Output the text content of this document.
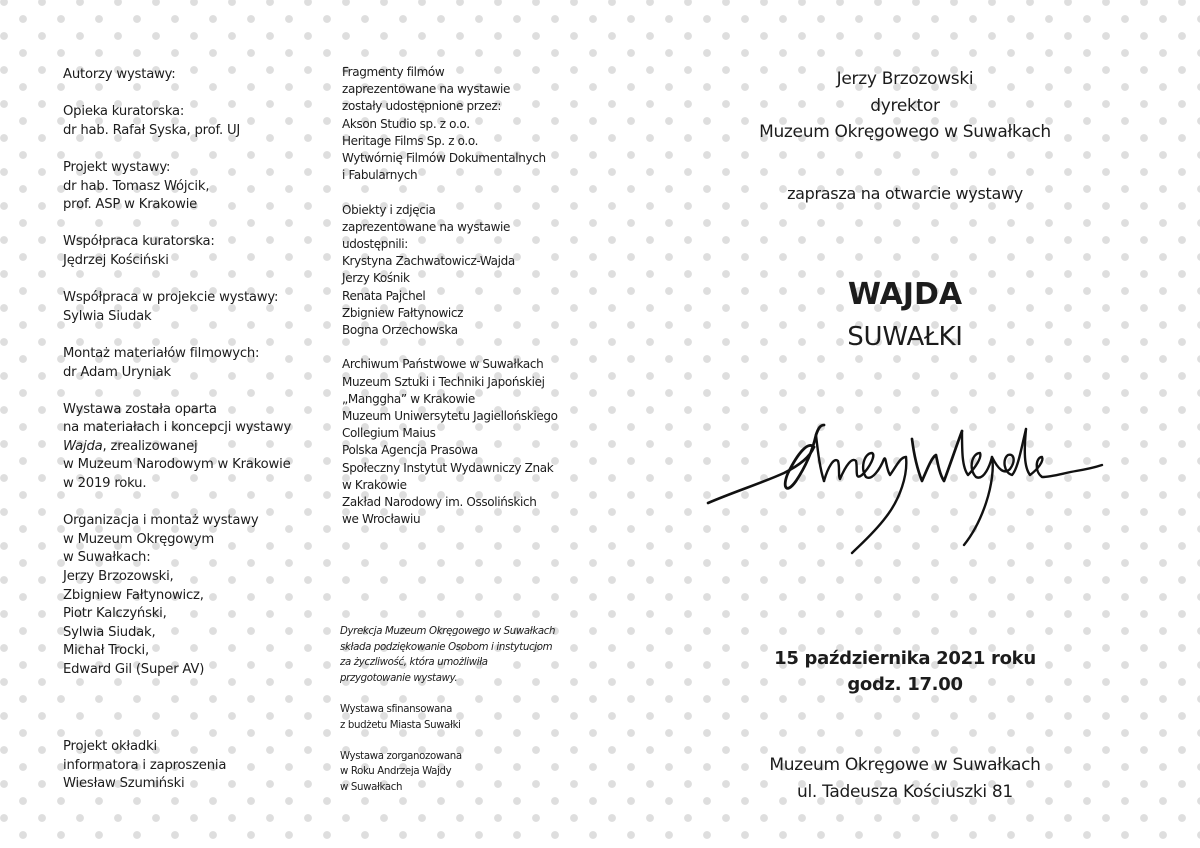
Autorzy wystawy:
Opieka kuratorska:
dr hab. Rafał Syska, prof. UJ
Projekt wystawy:
dr hab. Tomasz Wójcik,
prof. ASP w Krakowie
Współpraca kuratorska:
Jędrzej Kościński
Współpraca w projekcie wystawy:
Sylwia Siudak
Montaż materiałów filmowych:
dr Adam Uryniak
Wystawa została oparta
na materiałach i koncepcji wystawy
Wajda, zrealizowanej
w Muzeum Narodowym w Krakowie
w 2019 roku.
Organizacja i montaż wystawy
w Muzeum Okręgowym
w Suwałkach:
Jerzy Brzozowski,
Zbigniew Fałtynowicz,
Piotr Kalczyński,
Sylwia Siudak,
Michał Trocki,
Edward Gil (Super AV)
Projekt okładki
informatora i zaproszenia
Wiesław Szumiński
Fragmenty filmów
zaprezentowane na wystawie
zostały udostępnione przez:
Akson Studio sp. z o.o.
Heritage Films Sp. z o.o.
Wytwórnię Filmów Dokumentalnych
i Fabularnych
Obiekty i zdjęcia
zaprezentowane na wystawie
udostępnili:
Krystyna Zachwatowicz-Wajda
Jerzy Kośnik
Renata Pajchel
Zbigniew Fałtynowicz
Bogna Orzechowska
Archiwum Państwowe w Suwałkach
Muzeum Sztuki i Techniki Japońskiej
„Manggha” w Krakowie
Muzeum Uniwersytetu Jagiellońskiego
Collegium Maius
Polska Agencja Prasowa
Społeczny Instytut Wydawniczy Znak
w Krakowie
Zakład Narodowy im. Ossolińskich
we Wrocławiu
Dyrekcja Muzeum Okręgowego w Suwałkach
składa podziękowanie Osobom i instytucjom
za życzliwość, która umożliwiła
przygotowanie wystawy.
Wystawa sfinansowana
z budżetu Miasta Suwałki
Wystawa zorganozowana
w Roku Andrzeja Wajdy
w Suwałkach
Jerzy Brzozowski
dyrektor
Muzeum Okręgowego w Suwałkach
zaprasza na otwarcie wystawy
WAJDA
SUWAŁKI
15 października 2021 roku
godz. 17.00
Muzeum Okręgowe w Suwałkach
ul. Tadeusza Kościuszki 81
